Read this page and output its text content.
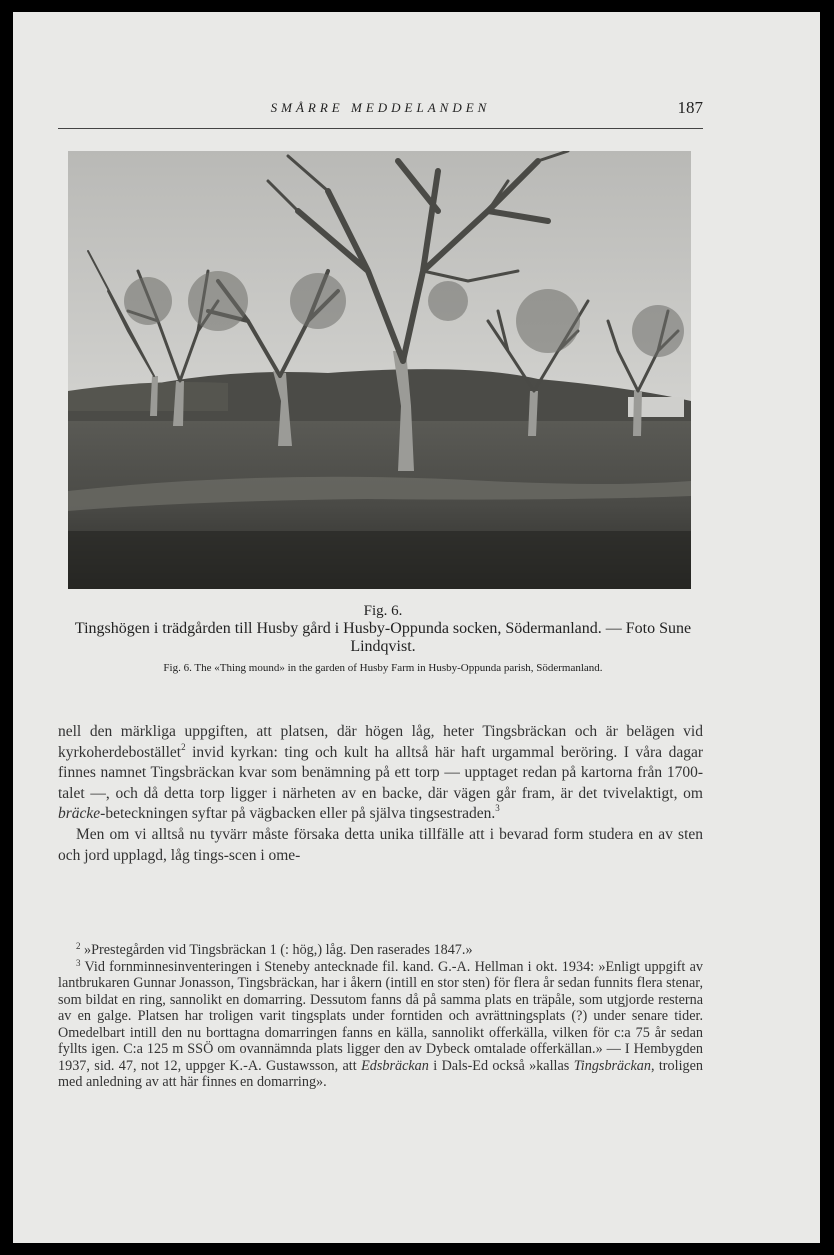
SMÅRRE MEDDELANDEN	187
Fig. 6.
Tingshögen i trädgården till Husby gård i Husby-Oppunda socken, Södermanland. — Foto Sune Lindqvist.
Fig. 6. The «Thing mound» in the garden of Husby Farm in Husby-Oppunda parish, Södermanland.

nell den märkliga uppgiften, att platsen, där högen låg, heter Tingsbräckan och är belägen vid kyrkoherdebostället$^2$ invid kyrkan: ting och kult ha alltså här haft urgammal beröring. I våra dagar finnes namnet Tingsbräckan kvar som benämning på ett torp — upptaget redan på kartorna från 1700-talet —, och då detta torp ligger i närheten av en backe, där vägen går fram, är det tvivelaktigt, om bräcke-beteckningen syftar på vägbacken eller på själva tingsestraden.$^3$

Men om vi alltså nu tyvärr måste försaka detta unika tillfälle att i bevarad form studera en av sten och jord upplagd, låg tings-scen i ome-

$^2$ »Prestegården vid Tingsbräckan 1 (: hög,) låg. Den raserades 1847.»

$^3$ Vid fornminnesinventeringen i Steneby antecknade fil. kand. G.-A. Hellman i okt. 1934: »Enligt uppgift av lantbrukaren Gunnar Jonasson, Tingsbräckan, har i åkern (intill en stor sten) för flera år sedan funnits flera stenar, som bildat en ring, sannolikt en domarring. Dessutom fanns då på samma plats en träpåle, som utgjorde resterna av en galge. Platsen har troligen varit tingsplats under forntiden och avrättningsplats (?) under senare tider. Omedelbart intill den nu borttagna domarringen fanns en källa, sannolikt offerkälla, vilken för c:a 75 år sedan fyllts igen. C:a 125 m SSÖ om ovannämnda plats ligger den av Dybeck omtalade offerkällan.» — I Hembygden 1937, sid. 47, not 12, uppger K.-A. Gustawsson, att Edsbräckan i Dals-Ed också »kallas Tingsbräckan, troligen med anledning av att här finnes en domarring».
